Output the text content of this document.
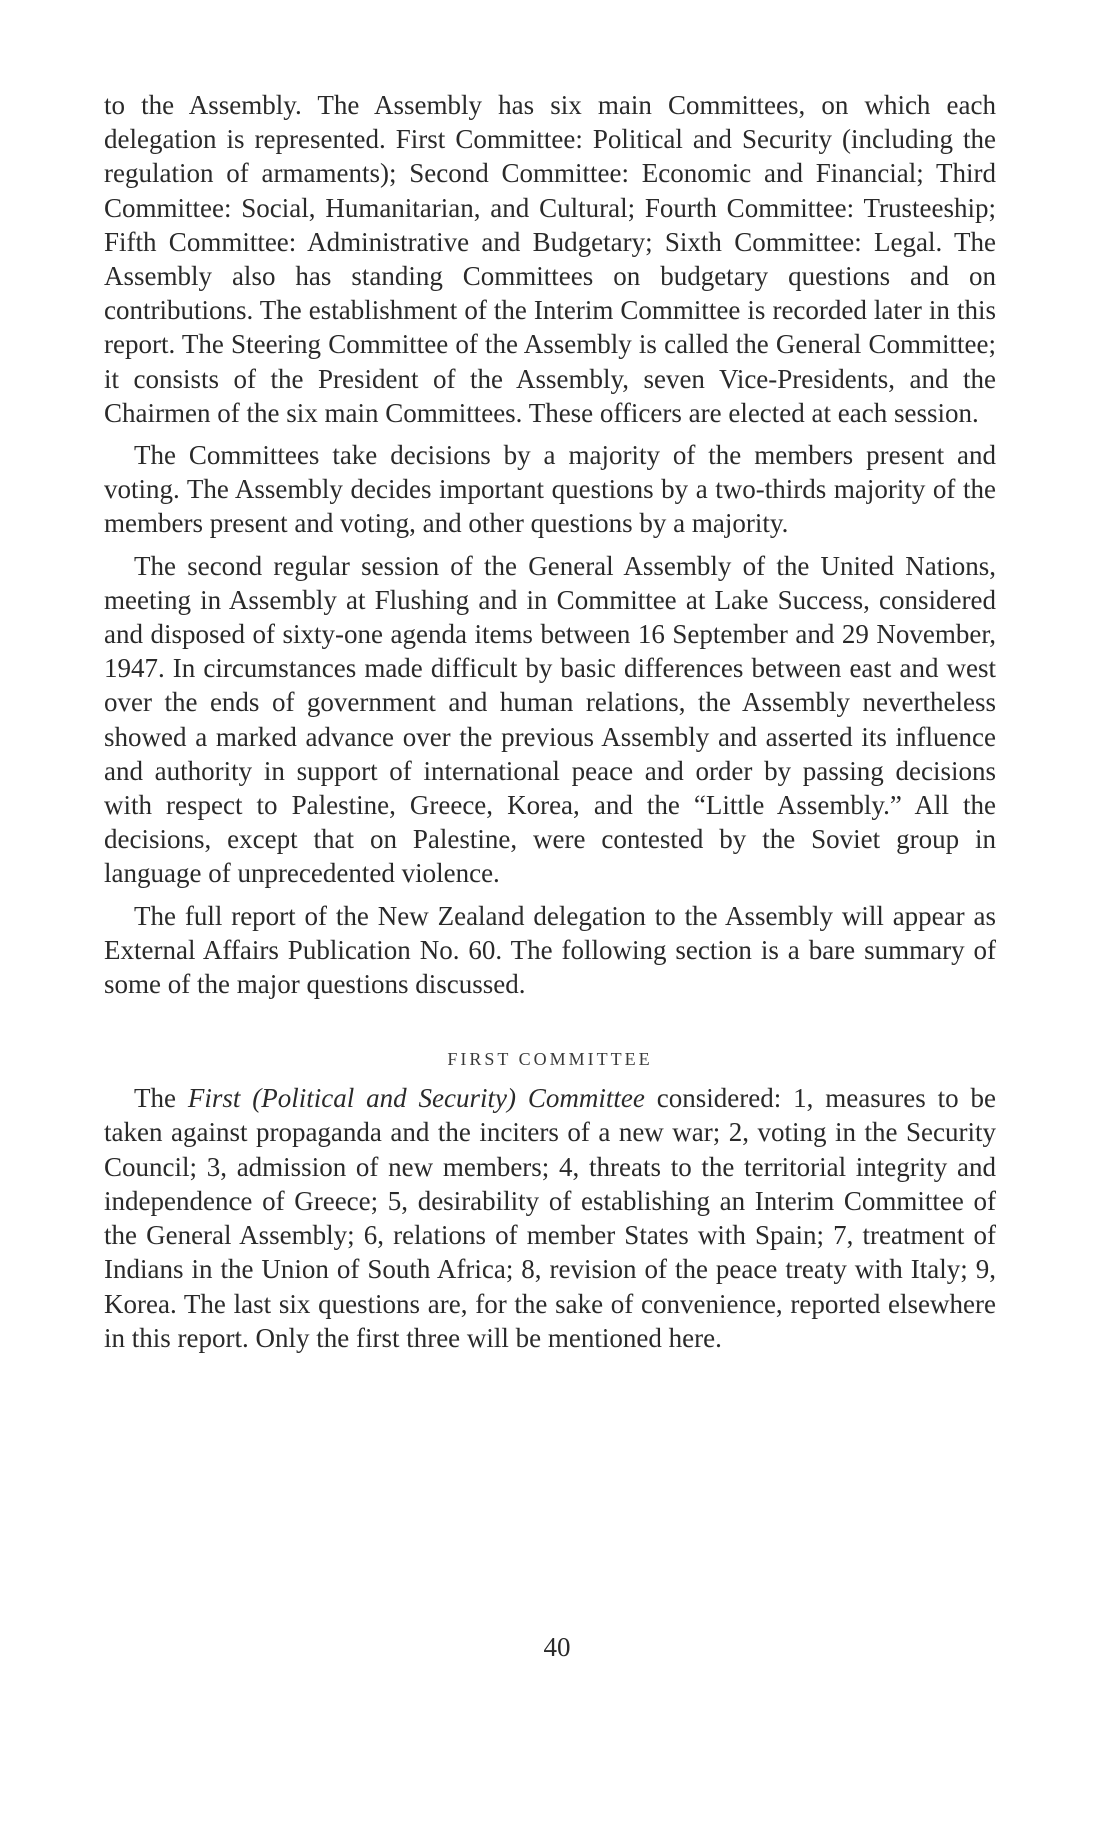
to the Assembly. The Assembly has six main Committees, on which each delegation is represented. First Committee: Political and Security (including the regulation of armaments); Second Committee: Economic and Financial; Third Committee: Social, Humanitarian, and Cultural; Fourth Committee: Trusteeship; Fifth Committee: Administrative and Budgetary; Sixth Committee: Legal. The Assembly also has standing Committees on budgetary questions and on contributions. The establishment of the Interim Committee is recorded later in this report. The Steering Committee of the Assembly is called the General Committee; it consists of the President of the Assembly, seven Vice-Presidents, and the Chairmen of the six main Committees. These officers are elected at each session.

The Committees take decisions by a majority of the members present and voting. The Assembly decides important questions by a two-thirds majority of the members present and voting, and other questions by a majority.

The second regular session of the General Assembly of the United Nations, meeting in Assembly at Flushing and in Committee at Lake Success, considered and disposed of sixty-one agenda items between 16 September and 29 November, 1947. In circumstances made difficult by basic differences between east and west over the ends of government and human relations, the Assembly nevertheless showed a marked advance over the previous Assembly and asserted its influence and authority in support of international peace and order by passing decisions with respect to Palestine, Greece, Korea, and the “Little Assembly.” All the decisions, except that on Palestine, were contested by the Soviet group in language of unprecedented violence.

The full report of the New Zealand delegation to the Assembly will appear as External Affairs Publication No. 60. The following section is a bare summary of some of the major questions discussed.

FIRST COMMITTEE

The First (Political and Security) Committee considered: 1, measures to be taken against propaganda and the inciters of a new war; 2, voting in the Security Council; 3, admission of new members; 4, threats to the territorial integrity and independence of Greece; 5, desirability of establishing an Interim Committee of the General Assembly; 6, relations of member States with Spain; 7, treatment of Indians in the Union of South Africa; 8, revision of the peace treaty with Italy; 9, Korea. The last six questions are, for the sake of convenience, reported elsewhere in this report. Only the first three will be mentioned here.

40
